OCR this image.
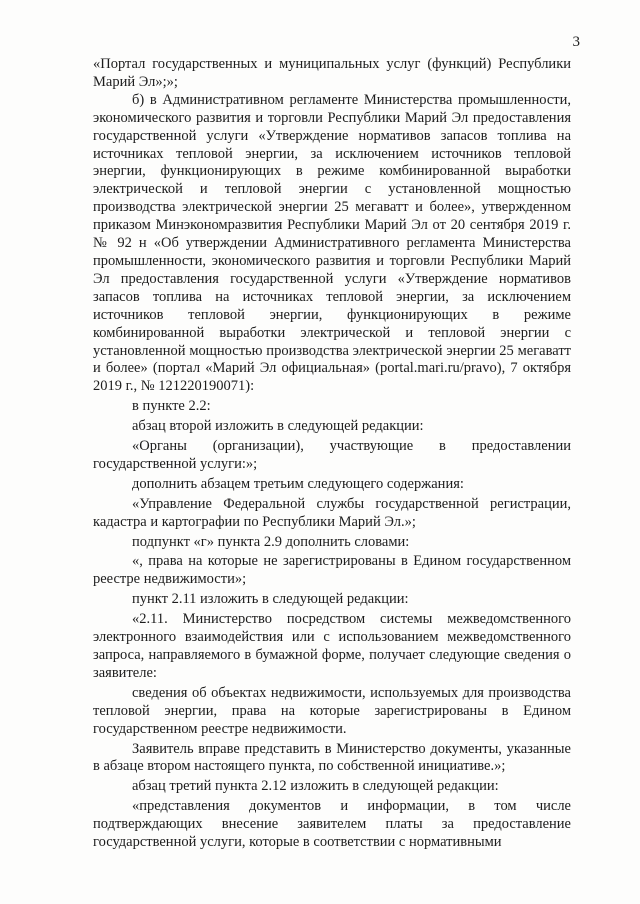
3

«Портал государственных и муниципальных услуг (функций) Республики Марий Эл»;»;

б) в Административном регламенте Министерства промышленности, экономического развития и торговли Республики Марий Эл предоставления государственной услуги «Утверждение нормативов запасов топлива на источниках тепловой энергии, за исключением источников тепловой энергии, функционирующих в режиме комбинированной выработки электрической и тепловой энергии с установленной мощностью производства электрической энергии 25 мегаватт и более», утвержденном приказом Минэкономразвития Республики Марий Эл от 20 сентября 2019 г. № 92 н «Об утверждении Административного регламента Министерства промышленности, экономического развития и торговли Республики Марий Эл предоставления государственной услуги «Утверждение нормативов запасов топлива на источниках тепловой энергии, за исключением источников тепловой энергии, функционирующих в режиме комбинированной выработки электрической и тепловой энергии с установленной мощностью производства электрической энергии 25 мегаватт и более» (портал «Марий Эл официальная» (portal.mari.ru/pravo), 7 октября 2019 г., № 121220190071):

в пункте 2.2:

абзац второй изложить в следующей редакции:

«Органы (организации), участвующие в предоставлении государственной услуги:»;

дополнить абзацем третьим следующего содержания:

«Управление Федеральной службы государственной регистрации, кадастра и картографии по Республики Марий Эл.»;

подпункт «г» пункта 2.9 дополнить словами:

«, права на которые не зарегистрированы в Едином государственном реестре недвижимости»;

пункт 2.11 изложить в следующей редакции:

«2.11. Министерство посредством системы межведомственного электронного взаимодействия или с использованием межведомственного запроса, направляемого в бумажной форме, получает следующие сведения о заявителе:

сведения об объектах недвижимости, используемых для производства тепловой энергии, права на которые зарегистрированы в Едином государственном реестре недвижимости.

Заявитель вправе представить в Министерство документы, указанные в абзаце втором настоящего пункта, по собственной инициативе.»;

абзац третий пункта 2.12 изложить в следующей редакции:

«представления документов и информации, в том числе подтверждающих внесение заявителем платы за предоставление государственной услуги, которые в соответствии с нормативными
